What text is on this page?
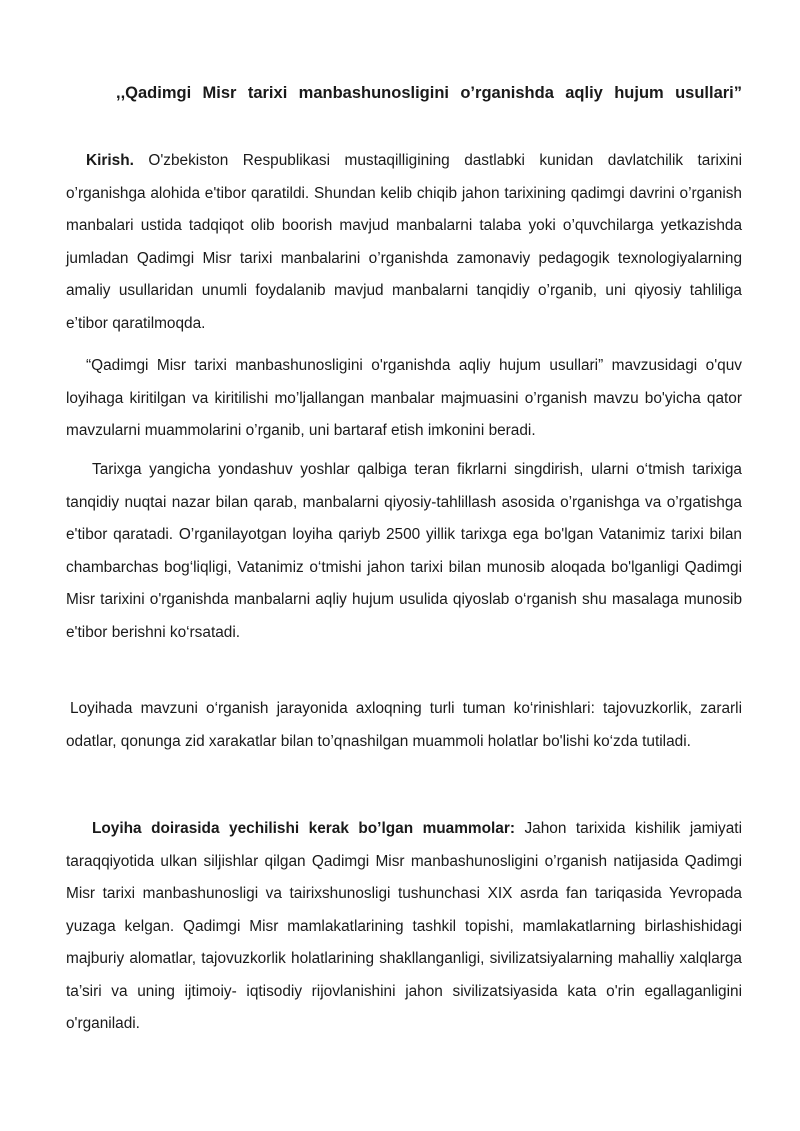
,,Qadimgi Misr tarixi manbashunosligini o’rganishda aqliy hujum usullari”

Kirish. O'zbekiston Respublikasi mustaqilligining dastlabki kunidan davlatchilik tarixini o’rganishga alohida e'tibor qaratildi. Shundan kelib chiqib jahon tarixining qadimgi davrini o’rganish manbalari ustida tadqiqot olib boorish mavjud manbalarni talaba yoki o’quvchilarga yetkazishda jumladan Qadimgi Misr tarixi manbalarini o’rganishda zamonaviy pedagogik texnologiyalarning amaliy usullaridan unumli foydalanib mavjud manbalarni tanqidiy o’rganib, uni qiyosiy tahliliga e’tibor qaratilmoqda.

“Qadimgi Misr tarixi manbashunosligini o'rganishda aqliy hujum usullari” mavzusidagi o'quv loyihaga kiritilgan va kiritilishi mo’ljallangan manbalar majmuasini o’rganish mavzu bo'yicha qator mavzularni muammolarini o’rganib, uni bartaraf etish imkonini beradi.

Tarixga yangicha yondashuv yoshlar qalbiga teran fikrlarni singdirish, ularni o‘tmish tarixiga tanqidiy nuqtai nazar bilan qarab, manbalarni qiyosiy-tahlillash asosida o’rganishga va o’rgatishga e'tibor qaratadi. O’rganilayotgan loyiha qariyb 2500 yillik tarixga ega bo'lgan Vatanimiz tarixi bilan chambarchas bog‘liqligi, Vatanimiz o‘tmishi jahon tarixi bilan munosib aloqada bo'lganligi Qadimgi Misr tarixini o'rganishda manbalarni aqliy hujum usulida qiyoslab o‘rganish shu masalaga munosib e'tibor berishni ko‘rsatadi.

Loyihada mavzuni o‘rganish jarayonida axloqning turli tuman ko‘rinishlari: tajovuzkorlik, zararli odatlar, qonunga zid xarakatlar bilan to’qnashilgan muammoli holatlar bo'lishi ko‘zda tutiladi.

Loyiha doirasida yechilishi kerak bo’lgan muammolar: Jahon tarixida kishilik jamiyati taraqqiyotida ulkan siljishlar qilgan Qadimgi Misr manbashunosligini o’rganish natijasida Qadimgi Misr tarixi manbashunosligi va tairixshunosligi tushunchasi XIX asrda fan tariqasida Yevropada yuzaga kelgan. Qadimgi Misr mamlakatlarining tashkil topishi, mamlakatlarning birlashishidagi majburiy alomatlar, tajovuzkorlik holatlarining shakllanganligi, sivilizatsiyalarning mahalliy xalqlarga ta’siri va uning ijtimoiy- iqtisodiy rijovlanishini jahon sivilizatsiyasida kata o'rin egallaganligini o'rganiladi.
